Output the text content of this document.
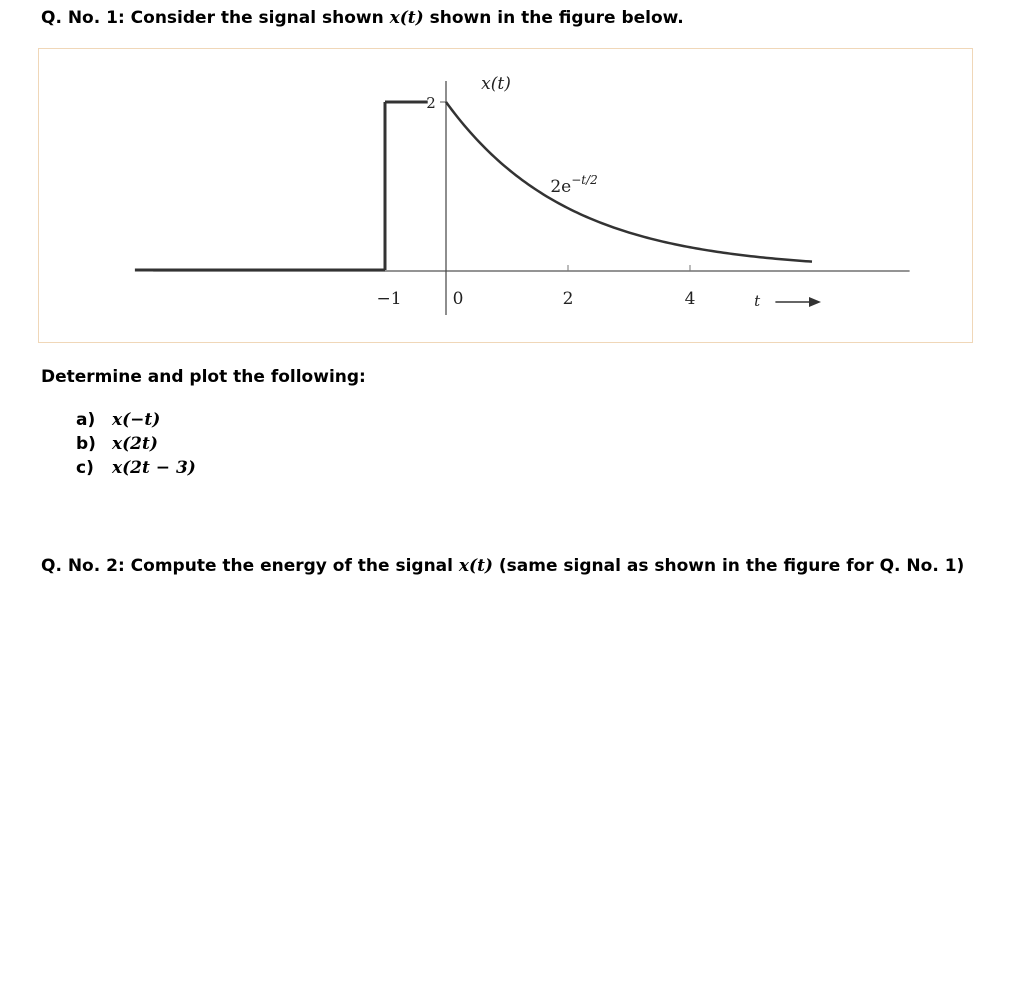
Q. No. 1: Consider the signal shown x(t) shown in the figure below.
−1	0	2	4
2
x(t)
$2e^{-t/2}$
t
Determine and plot the following:
a) x(−t)
b) x(2t)
c) x(2t − 3)
Q. No. 2: Compute the energy of the signal x(t) (same signal as shown in the figure for Q. No. 1)
